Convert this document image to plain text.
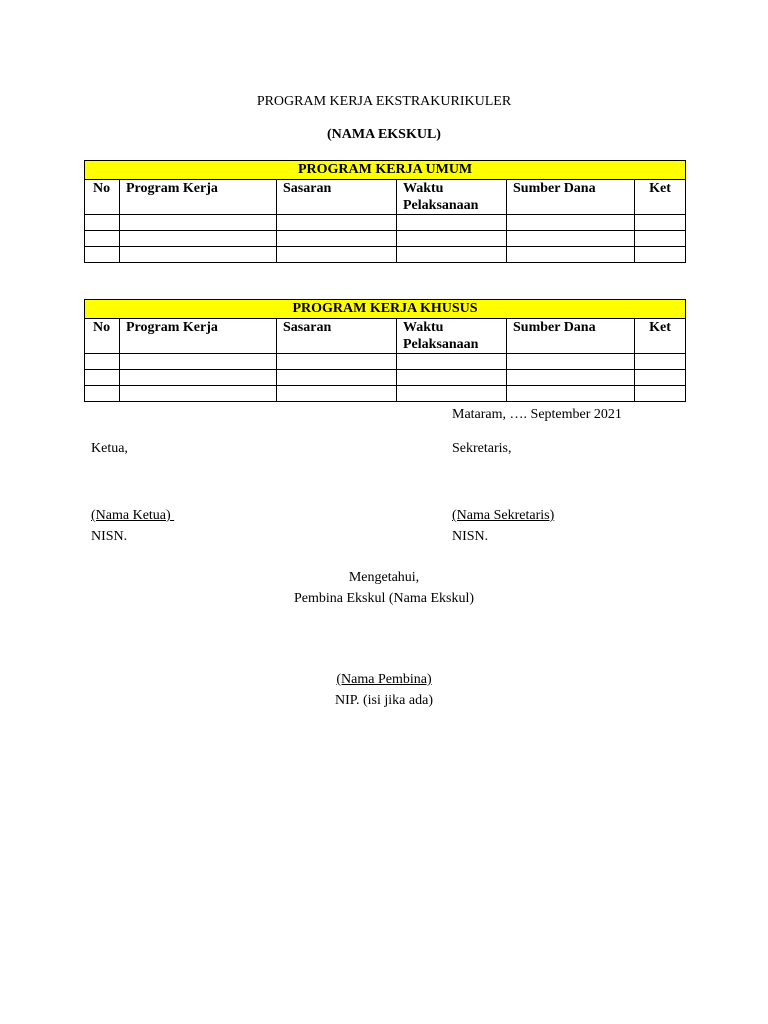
PROGRAM KERJA EKSTRAKURIKULER
(NAMA EKSKUL)
PROGRAM KERJA UMUM					
No	Program Kerja	Sasaran	Waktu Pelaksanaan	Sumber Dana	Ket

PROGRAM KERJA KHUSUS					
No	Program Kerja	Sasaran	Waktu Pelaksanaan	Sumber Dana	Ket

Mataram, …. September 2021
Ketua,	Sekretaris,
(Nama Ketua)	(Nama Sekretaris)
NISN.	NISN.
Mengetahui,
Pembina Ekskul (Nama Ekskul)
(Nama Pembina)
NIP. (isi jika ada)
